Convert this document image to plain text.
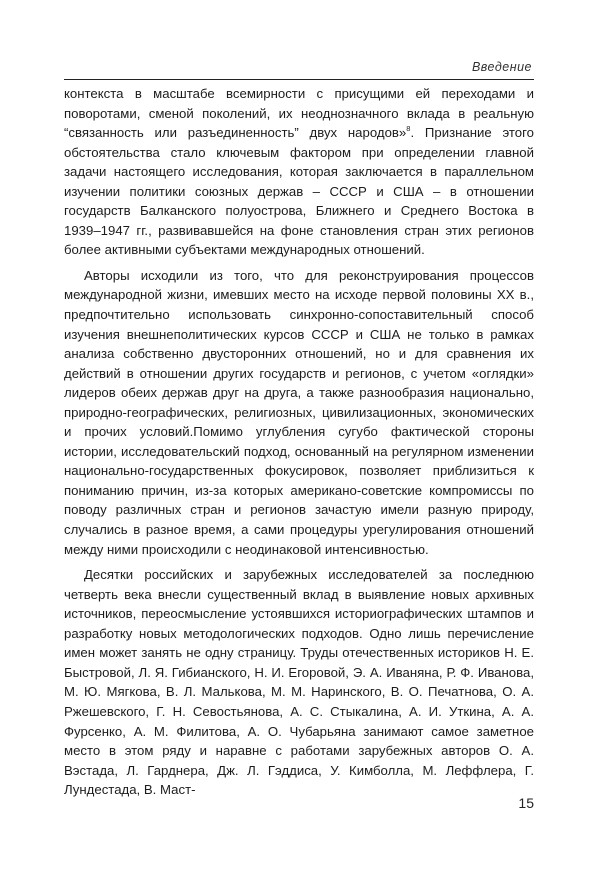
Введение

контекста в масштабе всемирности с присущими ей переходами и поворотами, сменой поколений, их неоднозначного вклада в реальную “связанность или разъединенность” двух народов»$^8$. Признание этого обстоятельства стало ключевым фактором при определении главной задачи настоящего исследования, которая заключается в параллельном изучении политики союзных держав – СССР и США – в отношении государств Балканского полуострова, Ближнего и Среднего Востока в 1939–1947 гг., развивавшейся на фоне становления стран этих регионов более активными субъектами международных отношений.

Авторы исходили из того, что для реконструирования процессов международной жизни, имевших место на исходе первой половины XX в., предпочтительно использовать синхронно-сопоставительный способ изучения внешнеполитических курсов СССР и США не только в рамках анализа собственно двусторонних отношений, но и для сравнения их действий в отношении других государств и регионов, с учетом «оглядки» лидеров обеих держав друг на друга, а также разнообразия национально, природно-географических, религиозных, цивилизационных, экономических и прочих условий.Помимо углубления сугубо фактической стороны истории, исследовательский подход, основанный на регулярном изменении национально-государственных фокусировок, позволяет приблизиться к пониманию причин, из-за которых американо-советские компромиссы по поводу различных стран и регионов зачастую имели разную природу, случались в разное время, а сами процедуры урегулирования отношений между ними происходили с неодинаковой интенсивностью.

Десятки российских и зарубежных исследователей за последнюю четверть века внесли существенный вклад в выявление новых архивных источников, переосмысление устоявшихся историографических штампов и разработку новых методологических подходов. Одно лишь перечисление имен может занять не одну страницу. Труды отечественных историков Н. Е. Быстровой, Л. Я. Гибианского, Н. И. Егоровой, Э. А. Иваняна, Р. Ф. Иванова, М. Ю. Мягкова, В. Л. Малькова, М. М. Наринского, В. О. Печатнова, О. А. Ржешевского, Г. Н. Севостьянова, А. С. Стыкалина, А. И. Уткина, А. А. Фурсенко, А. М. Филитова, А. О. Чубарьяна занимают самое заметное место в этом ряду и наравне с работами зарубежных авторов О. А. Вэстада, Л. Гарднера, Дж. Л. Гэддиса, У. Кимболла, М. Леффлера, Г. Лундестада, В. Маст-

15
